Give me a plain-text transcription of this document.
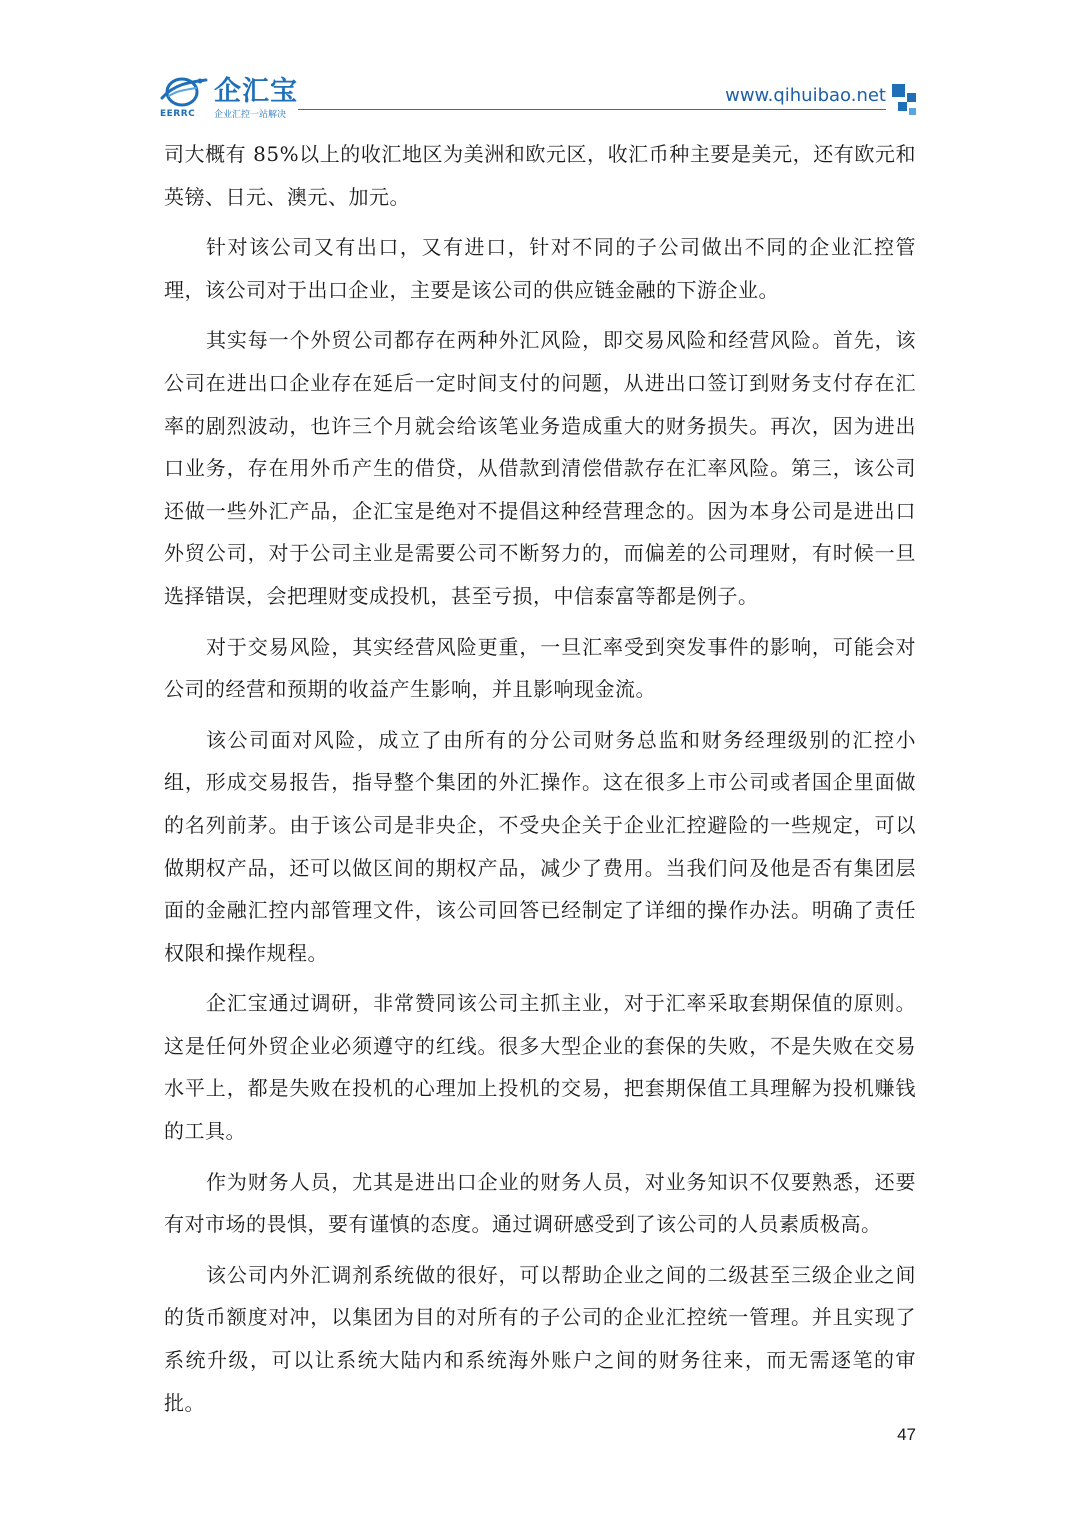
企汇宝
EERRC 企业汇控一站解决
www.qihuibao.net

司大概有 85%以上的收汇地区为美洲和欧元区，收汇币种主要是美元，还有欧元和英镑、日元、澳元、加元。

针对该公司又有出口，又有进口，针对不同的子公司做出不同的企业汇控管理，该公司对于出口企业，主要是该公司的供应链金融的下游企业。

其实每一个外贸公司都存在两种外汇风险，即交易风险和经营风险。首先，该公司在进出口企业存在延后一定时间支付的问题，从进出口签订到财务支付存在汇率的剧烈波动，也许三个月就会给该笔业务造成重大的财务损失。再次，因为进出口业务，存在用外币产生的借贷，从借款到清偿借款存在汇率风险。第三，该公司还做一些外汇产品，企汇宝是绝对不提倡这种经营理念的。因为本身公司是进出口外贸公司，对于公司主业是需要公司不断努力的，而偏差的公司理财，有时候一旦选择错误，会把理财变成投机，甚至亏损，中信泰富等都是例子。

对于交易风险，其实经营风险更重，一旦汇率受到突发事件的影响，可能会对公司的经营和预期的收益产生影响，并且影响现金流。

该公司面对风险，成立了由所有的分公司财务总监和财务经理级别的汇控小组，形成交易报告，指导整个集团的外汇操作。这在很多上市公司或者国企里面做的名列前茅。由于该公司是非央企，不受央企关于企业汇控避险的一些规定，可以做期权产品，还可以做区间的期权产品，减少了费用。当我们问及他是否有集团层面的金融汇控内部管理文件，该公司回答已经制定了详细的操作办法。明确了责任权限和操作规程。

企汇宝通过调研，非常赞同该公司主抓主业，对于汇率采取套期保值的原则。这是任何外贸企业必须遵守的红线。很多大型企业的套保的失败，不是失败在交易水平上，都是失败在投机的心理加上投机的交易，把套期保值工具理解为投机赚钱的工具。

作为财务人员，尤其是进出口企业的财务人员，对业务知识不仅要熟悉，还要有对市场的畏惧，要有谨慎的态度。通过调研感受到了该公司的人员素质极高。

该公司内外汇调剂系统做的很好，可以帮助企业之间的二级甚至三级企业之间的货币额度对冲，以集团为目的对所有的子公司的企业汇控统一管理。并且实现了系统升级，可以让系统大陆内和系统海外账户之间的财务往来，而无需逐笔的审批。

47
